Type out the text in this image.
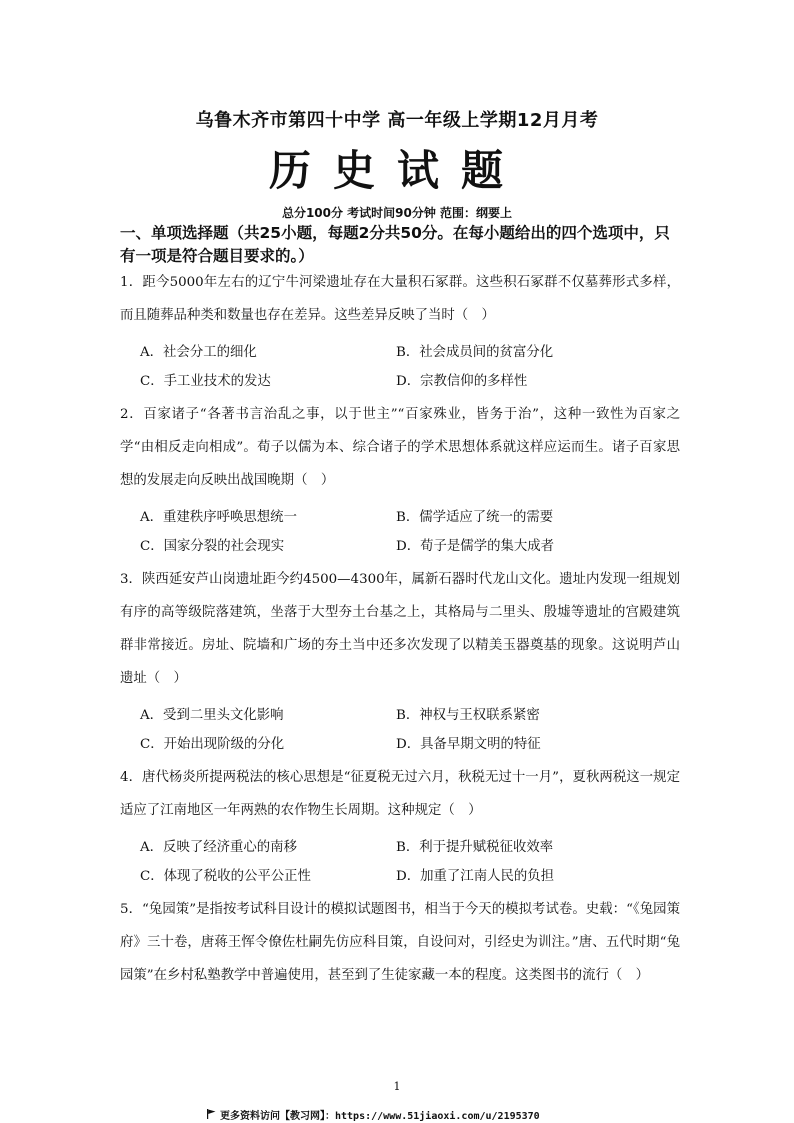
乌鲁木齐市第四十中学 高一年级上学期12月月考
历史试题
总分100分 考试时间90分钟 范围：纲要上
一、单项选择题（共25小题，每题2分共50分。在每小题给出的四个选项中，只有一项是符合题目要求的。）
1．距今5000年左右的辽宁牛河梁遗址存在大量积石冢群。这些积石冢群不仅墓葬形式多样，而且随葬品种类和数量也存在差异。这些差异反映了当时（　）
A．社会分工的细化	B．社会成员间的贫富分化
C．手工业技术的发达	D．宗教信仰的多样性
2．百家诸子“各著书言治乱之事，以于世主”“百家殊业，皆务于治”，这种一致性为百家之学“由相反走向相成”。荀子以儒为本、综合诸子的学术思想体系就这样应运而生。诸子百家思想的发展走向反映出战国晚期（　）
A．重建秩序呼唤思想统一	B．儒学适应了统一的需要
C．国家分裂的社会现实	D．荀子是儒学的集大成者
3．陕西延安芦山岗遗址距今约4500—4300年，属新石器时代龙山文化。遗址内发现一组规划有序的高等级院落建筑，坐落于大型夯土台基之上，其格局与二里头、殷墟等遗址的宫殿建筑群非常接近。房址、院墙和广场的夯土当中还多次发现了以精美玉器奠基的现象。这说明芦山遗址（　）
A．受到二里头文化影响	B．神权与王权联系紧密
C．开始出现阶级的分化	D．具备早期文明的特征
4．唐代杨炎所提两税法的核心思想是“征夏税无过六月，秋税无过十一月”，夏秋两税这一规定适应了江南地区一年两熟的农作物生长周期。这种规定（　）
A．反映了经济重心的南移	B．利于提升赋税征收效率
C．体现了税收的公平公正性	D．加重了江南人民的负担
5．“兔园策”是指按考试科目设计的模拟试题图书，相当于今天的模拟考试卷。史载：“《兔园策府》三十卷，唐蒋王恽令僚佐杜嗣先仿应科目策，自设问对，引经史为训注。”唐、五代时期“兔园策”在乡村私塾教学中普遍使用，甚至到了生徒家藏一本的程度。这类图书的流行（　）
1
更多资料访问【教习网】：https://www.51jiaoxi.com/u/2195370
